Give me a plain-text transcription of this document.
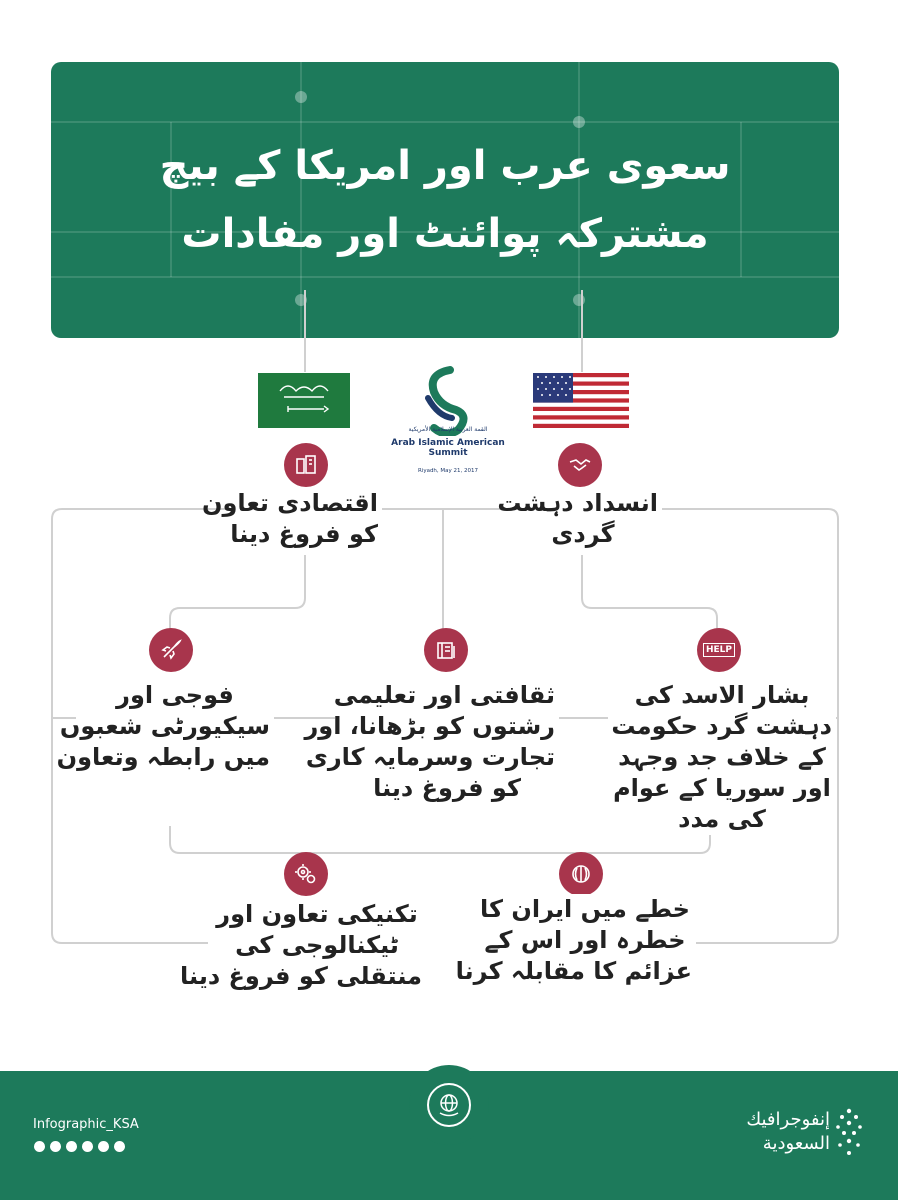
سعوی عرب اور امریکا کے بیچ
مشترکہ پوائنٹ اور مفادات
القمة العربية الإسلامية الأمريكية
Arab Islamic American Summit
Riyadh, May 21, 2017
اقتصادی تعاون
کو فروغ دینا
انسداد دہشت
گردی
فوجی اور
سیکیورٹی شعبوں
میں رابطہ وتعاون
ثقافتی اور تعلیمی
رشتوں کو بڑھانا، اور
تجارت وسرمایہ کاری
کو فروغ دینا
HELP
بشار الاسد کی
دہشت گرد حکومت
کے خلاف جد وجہد
اور سوریا کے عوام
کی مدد
تکنیکی تعاون اور
ٹیکنالوجی کی
منتقلی کو فروغ دینا
خطے میں ایران کا
خطرہ اور اس کے
عزائم کا مقابلہ کرنا
Infographic_KSA	إنفوجرافيك
السعودية
